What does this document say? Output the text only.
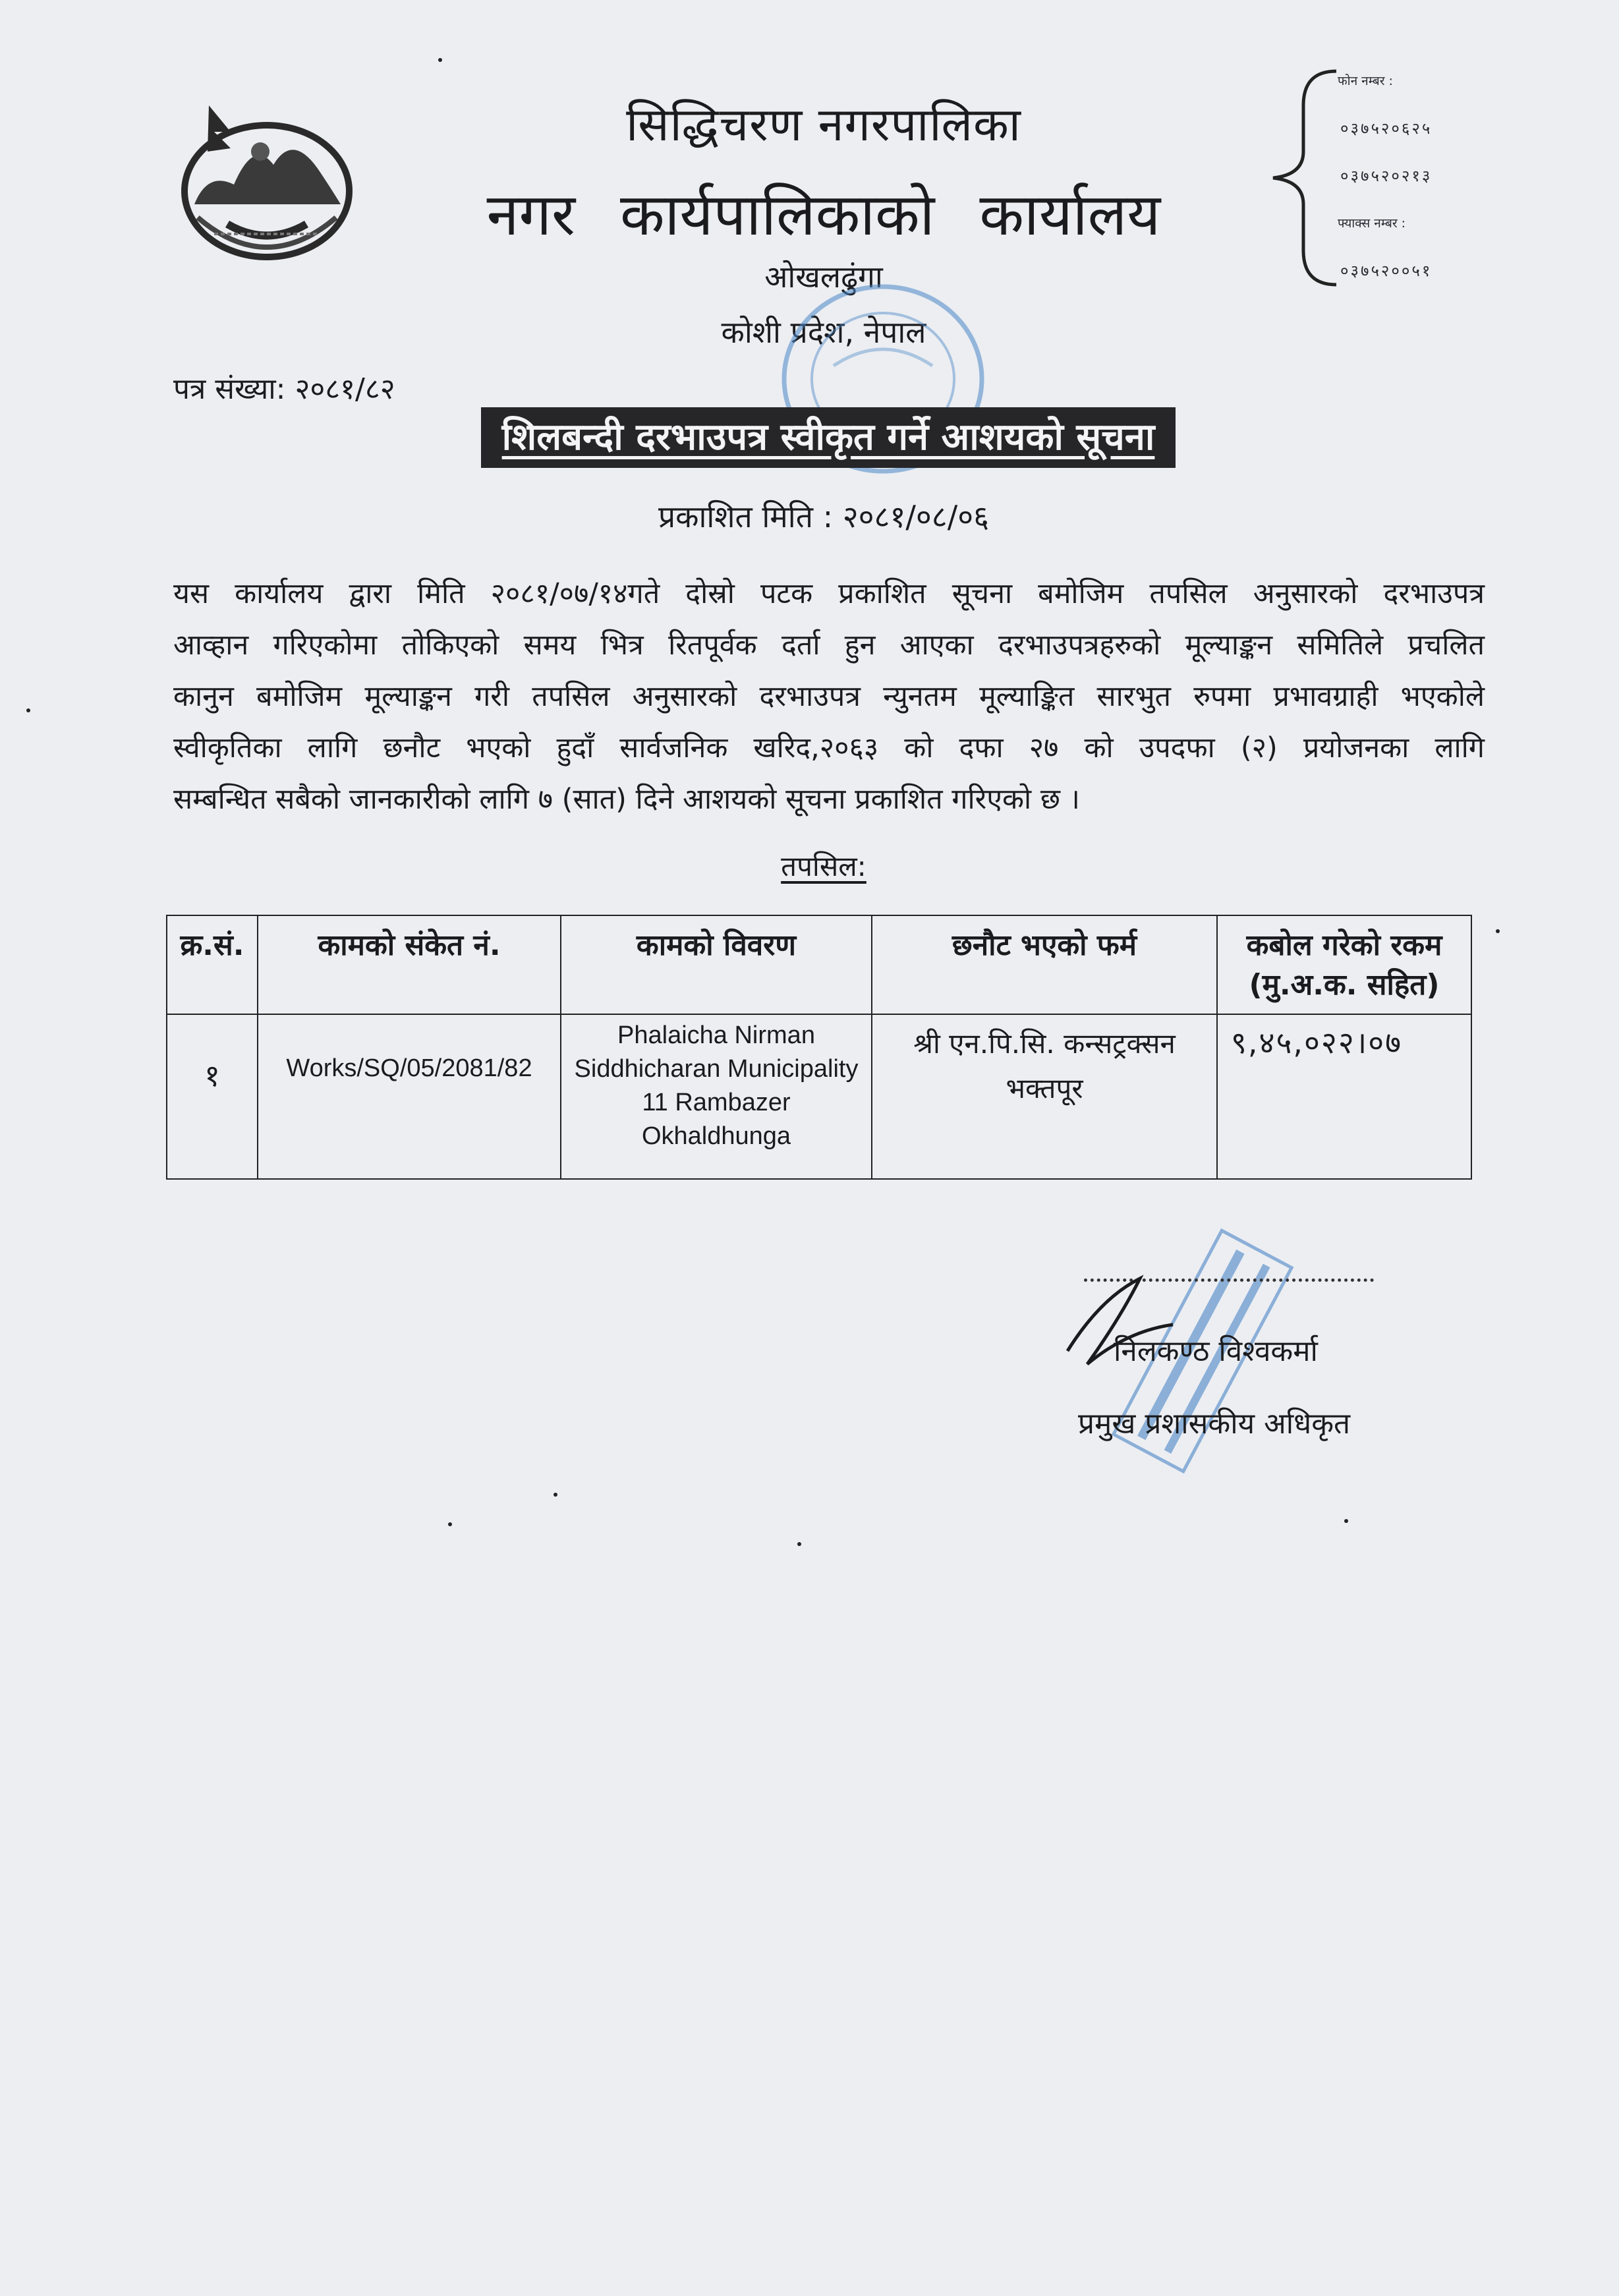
सिद्धिचरण नगरपालिका
नगर कार्यपालिकाको कार्यालय
ओखलढुंगा
कोशी प्रदेश, नेपाल
फोन नम्बर :
०३७५२०६२५
०३७५२०२१३
फ्याक्स नम्बर :
०३७५२००५१
पत्र संख्या: २०८१/८२
शिलबन्दी दरभाउपत्र स्वीकृत गर्ने आशयको सूचना
प्रकाशित मिति : २०८१/०८/०६
यस कार्यालय द्वारा मिति २०८१/०७/१४गते दोस्रो पटक प्रकाशित सूचना बमोजिम तपसिल अनुसारको दरभाउपत्र
आव्हान गरिएकोमा तोकिएको समय भित्र रितपूर्वक दर्ता हुन आएका दरभाउपत्रहरुको मूल्याङ्कन समितिले प्रचलित
कानुन बमोजिम मूल्याङ्कन गरी तपसिल अनुसारको दरभाउपत्र न्युनतम मूल्याङ्कित सारभुत रुपमा प्रभावग्राही भएकोले
स्वीकृतिका लागि छनौट भएको हुदाँ सार्वजनिक खरिद,२०६३ को दफा २७ को उपदफा (२) प्रयोजनका लागि
सम्बन्धित सबैको जानकारीको लागि ७ (सात) दिने आशयको सूचना प्रकाशित गरिएको छ ।
तपसिल:
क्र.सं.	कामको संकेत नं.	कामको विवरण	छनौट भएको फर्म	कबोल गरेको रकम (मु.अ.क. सहित)
१	Works/SQ/05/2081/82	Phalaicha Nirman Siddhicharan Municipality 11 Rambazer Okhaldhunga	श्री एन.पि.सि. कन्सट्रक्सन भक्तपूर	९,४५,०२२।०७
निलकण्ठ विश्वकर्मा
प्रमुख प्रशासकीय अधिकृत
